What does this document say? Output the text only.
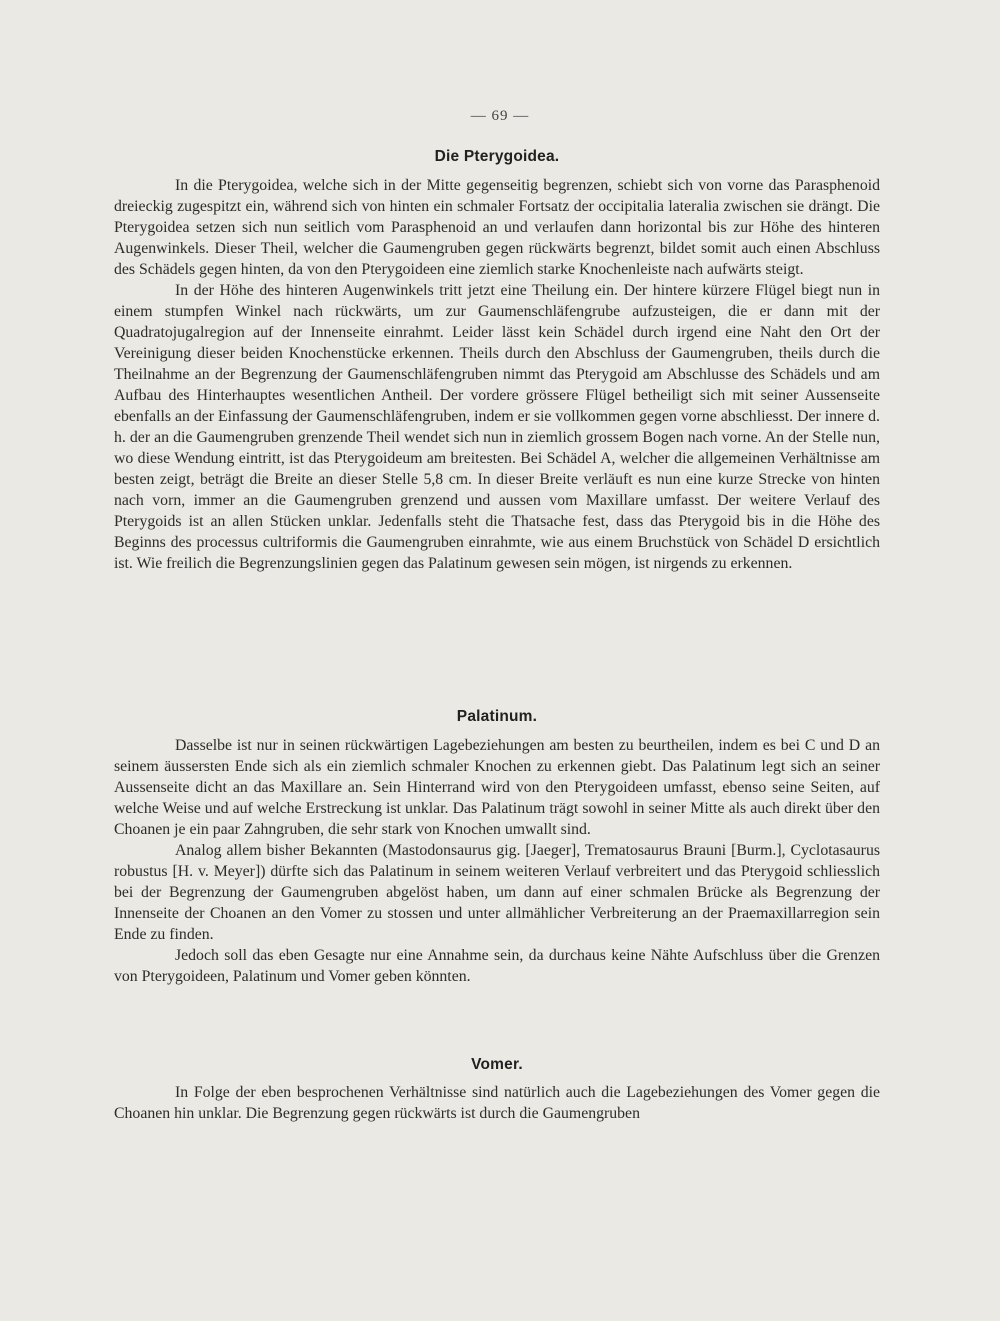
— 69 —
Die Pterygoidea.

In die Pterygoidea, welche sich in der Mitte gegenseitig begrenzen, schiebt sich von vorne das Parasphenoid dreieckig zugespitzt ein, während sich von hinten ein schmaler Fortsatz der occipitalia lateralia zwischen sie drängt. Die Pterygoidea setzen sich nun seitlich vom Parasphenoid an und verlaufen dann horizontal bis zur Höhe des hinteren Augenwinkels. Dieser Theil, welcher die Gaumengruben gegen rückwärts begrenzt, bildet somit auch einen Abschluss des Schädels gegen hinten, da von den Pterygoideen eine ziemlich starke Knochenleiste nach aufwärts steigt.

In der Höhe des hinteren Augenwinkels tritt jetzt eine Theilung ein. Der hintere kürzere Flügel biegt nun in einem stumpfen Winkel nach rückwärts, um zur Gaumenschläfengrube aufzusteigen, die er dann mit der Quadratojugalregion auf der Innenseite einrahmt. Leider lässt kein Schädel durch irgend eine Naht den Ort der Vereinigung dieser beiden Knochenstücke erkennen. Theils durch den Abschluss der Gaumengruben, theils durch die Theilnahme an der Begrenzung der Gaumenschläfengruben nimmt das Pterygoid am Abschlusse des Schädels und am Aufbau des Hinterhauptes wesentlichen Antheil. Der vordere grössere Flügel betheiligt sich mit seiner Aussenseite ebenfalls an der Einfassung der Gaumenschläfengruben, indem er sie vollkommen gegen vorne abschliesst. Der innere d. h. der an die Gaumengruben grenzende Theil wendet sich nun in ziemlich grossem Bogen nach vorne. An der Stelle nun, wo diese Wendung eintritt, ist das Pterygoideum am breitesten. Bei Schädel A, welcher die allgemeinen Verhältnisse am besten zeigt, beträgt die Breite an dieser Stelle 5,8 cm. In dieser Breite verläuft es nun eine kurze Strecke von hinten nach vorn, immer an die Gaumengruben grenzend und aussen vom Maxillare umfasst. Der weitere Verlauf des Pterygoids ist an allen Stücken unklar. Jedenfalls steht die Thatsache fest, dass das Pterygoid bis in die Höhe des Beginns des processus cultriformis die Gaumengruben einrahmte, wie aus einem Bruchstück von Schädel D ersichtlich ist. Wie freilich die Begrenzungslinien gegen das Palatinum gewesen sein mögen, ist nirgends zu erkennen.

Palatinum.

Dasselbe ist nur in seinen rückwärtigen Lagebeziehungen am besten zu beurtheilen, indem es bei C und D an seinem äussersten Ende sich als ein ziemlich schmaler Knochen zu erkennen giebt. Das Palatinum legt sich an seiner Aussenseite dicht an das Maxillare an. Sein Hinterrand wird von den Pterygoideen umfasst, ebenso seine Seiten, auf welche Weise und auf welche Erstreckung ist unklar. Das Palatinum trägt sowohl in seiner Mitte als auch direkt über den Choanen je ein paar Zahngruben, die sehr stark von Knochen umwallt sind.

Analog allem bisher Bekannten (Mastodonsaurus gig. [Jaeger], Trematosaurus Brauni [Burm.], Cyclotasaurus robustus [H. v. Meyer]) dürfte sich das Palatinum in seinem weiteren Verlauf verbreitert und das Pterygoid schliesslich bei der Begrenzung der Gaumengruben abgelöst haben, um dann auf einer schmalen Brücke als Begrenzung der Innenseite der Choanen an den Vomer zu stossen und unter allmählicher Verbreiterung an der Praemaxillarregion sein Ende zu finden.

Jedoch soll das eben Gesagte nur eine Annahme sein, da durchaus keine Nähte Aufschluss über die Grenzen von Pterygoideen, Palatinum und Vomer geben könnten.

Vomer.

In Folge der eben besprochenen Verhältnisse sind natürlich auch die Lagebeziehungen des Vomer gegen die Choanen hin unklar. Die Begrenzung gegen rückwärts ist durch die Gaumengruben
